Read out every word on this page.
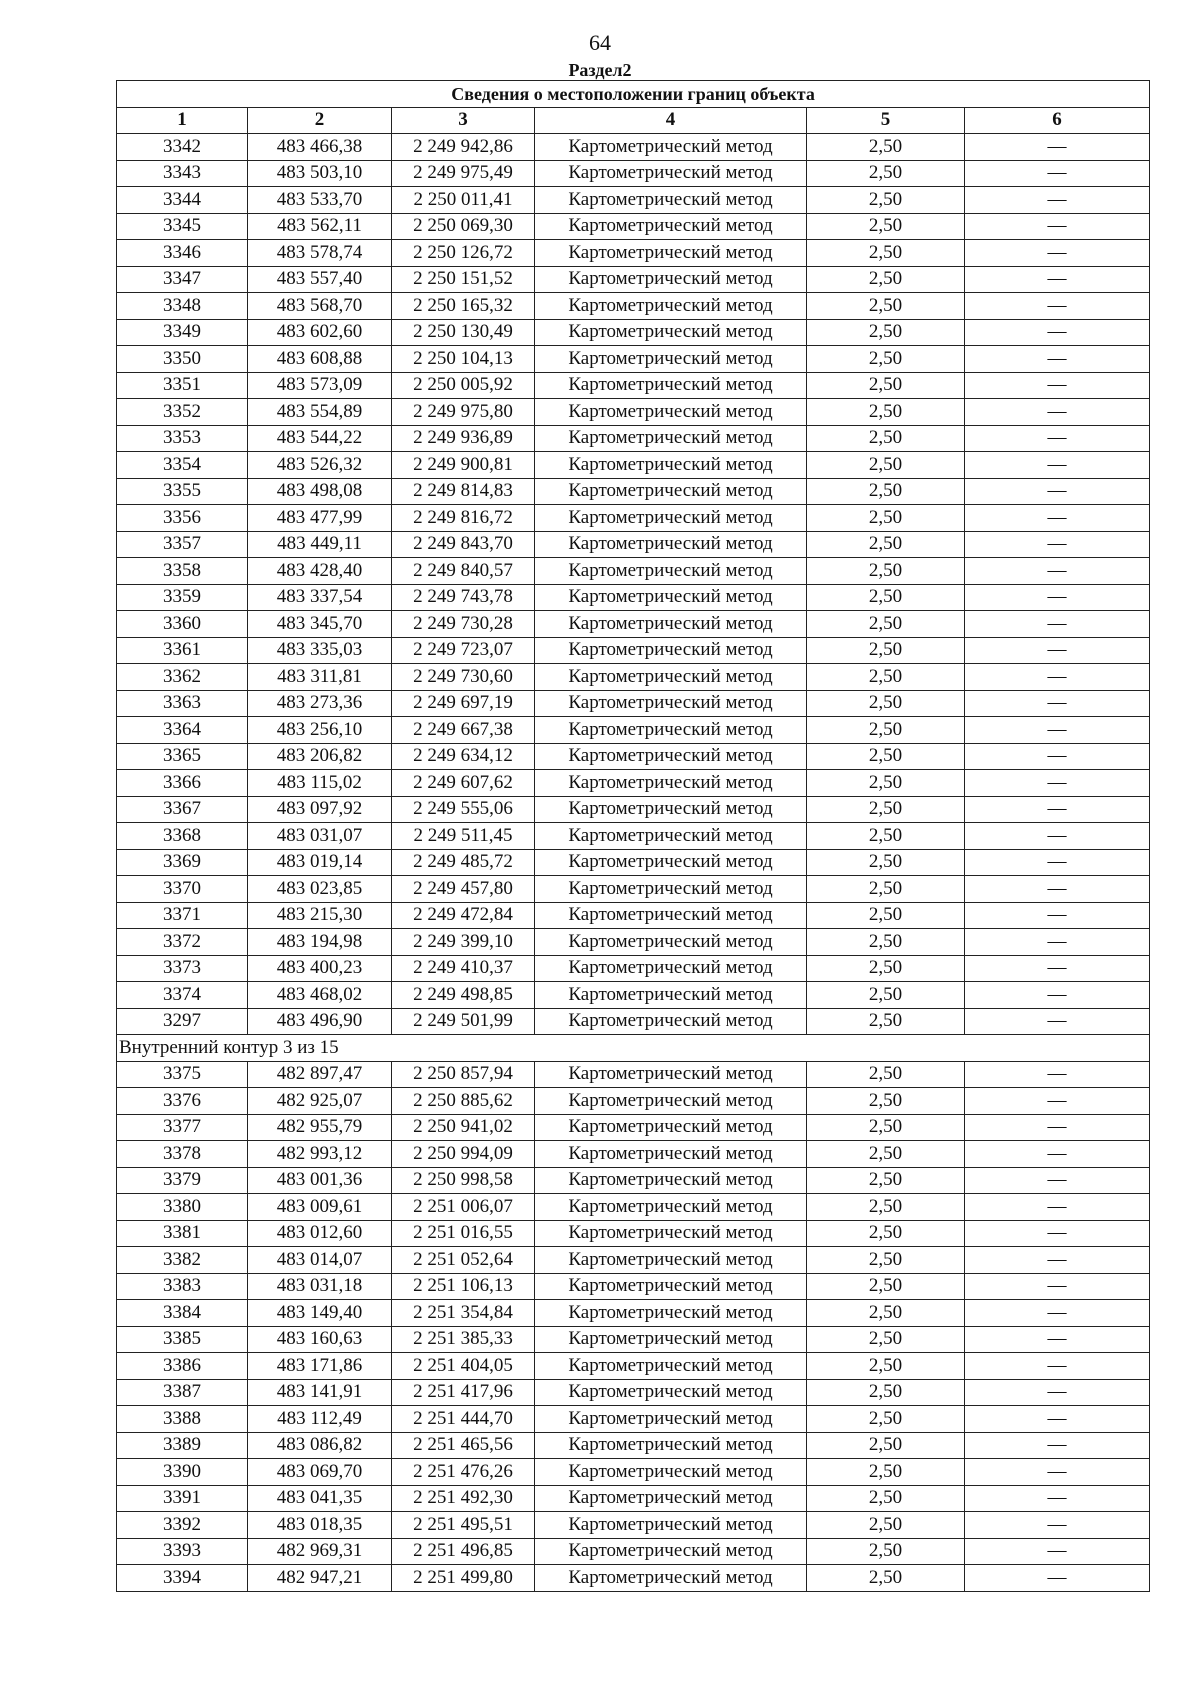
64
Раздел2
Сведения о местоположении границ объекта					
1	2	3	4	5	6
3342	483 466,38	2 249 942,86	Картометрический метод	2,50	—
3343	483 503,10	2 249 975,49	Картометрический метод	2,50	—
3344	483 533,70	2 250 011,41	Картометрический метод	2,50	—
3345	483 562,11	2 250 069,30	Картометрический метод	2,50	—
3346	483 578,74	2 250 126,72	Картометрический метод	2,50	—
3347	483 557,40	2 250 151,52	Картометрический метод	2,50	—
3348	483 568,70	2 250 165,32	Картометрический метод	2,50	—
3349	483 602,60	2 250 130,49	Картометрический метод	2,50	—
3350	483 608,88	2 250 104,13	Картометрический метод	2,50	—
3351	483 573,09	2 250 005,92	Картометрический метод	2,50	—
3352	483 554,89	2 249 975,80	Картометрический метод	2,50	—
3353	483 544,22	2 249 936,89	Картометрический метод	2,50	—
3354	483 526,32	2 249 900,81	Картометрический метод	2,50	—
3355	483 498,08	2 249 814,83	Картометрический метод	2,50	—
3356	483 477,99	2 249 816,72	Картометрический метод	2,50	—
3357	483 449,11	2 249 843,70	Картометрический метод	2,50	—
3358	483 428,40	2 249 840,57	Картометрический метод	2,50	—
3359	483 337,54	2 249 743,78	Картометрический метод	2,50	—
3360	483 345,70	2 249 730,28	Картометрический метод	2,50	—
3361	483 335,03	2 249 723,07	Картометрический метод	2,50	—
3362	483 311,81	2 249 730,60	Картометрический метод	2,50	—
3363	483 273,36	2 249 697,19	Картометрический метод	2,50	—
3364	483 256,10	2 249 667,38	Картометрический метод	2,50	—
3365	483 206,82	2 249 634,12	Картометрический метод	2,50	—
3366	483 115,02	2 249 607,62	Картометрический метод	2,50	—
3367	483 097,92	2 249 555,06	Картометрический метод	2,50	—
3368	483 031,07	2 249 511,45	Картометрический метод	2,50	—
3369	483 019,14	2 249 485,72	Картометрический метод	2,50	—
3370	483 023,85	2 249 457,80	Картометрический метод	2,50	—
3371	483 215,30	2 249 472,84	Картометрический метод	2,50	—
3372	483 194,98	2 249 399,10	Картометрический метод	2,50	—
3373	483 400,23	2 249 410,37	Картометрический метод	2,50	—
3374	483 468,02	2 249 498,85	Картометрический метод	2,50	—
3297	483 496,90	2 249 501,99	Картометрический метод	2,50	—
Внутренний контур 3 из 15					
3375	482 897,47	2 250 857,94	Картометрический метод	2,50	—
3376	482 925,07	2 250 885,62	Картометрический метод	2,50	—
3377	482 955,79	2 250 941,02	Картометрический метод	2,50	—
3378	482 993,12	2 250 994,09	Картометрический метод	2,50	—
3379	483 001,36	2 250 998,58	Картометрический метод	2,50	—
3380	483 009,61	2 251 006,07	Картометрический метод	2,50	—
3381	483 012,60	2 251 016,55	Картометрический метод	2,50	—
3382	483 014,07	2 251 052,64	Картометрический метод	2,50	—
3383	483 031,18	2 251 106,13	Картометрический метод	2,50	—
3384	483 149,40	2 251 354,84	Картометрический метод	2,50	—
3385	483 160,63	2 251 385,33	Картометрический метод	2,50	—
3386	483 171,86	2 251 404,05	Картометрический метод	2,50	—
3387	483 141,91	2 251 417,96	Картометрический метод	2,50	—
3388	483 112,49	2 251 444,70	Картометрический метод	2,50	—
3389	483 086,82	2 251 465,56	Картометрический метод	2,50	—
3390	483 069,70	2 251 476,26	Картометрический метод	2,50	—
3391	483 041,35	2 251 492,30	Картометрический метод	2,50	—
3392	483 018,35	2 251 495,51	Картометрический метод	2,50	—
3393	482 969,31	2 251 496,85	Картометрический метод	2,50	—
3394	482 947,21	2 251 499,80	Картометрический метод	2,50	—
